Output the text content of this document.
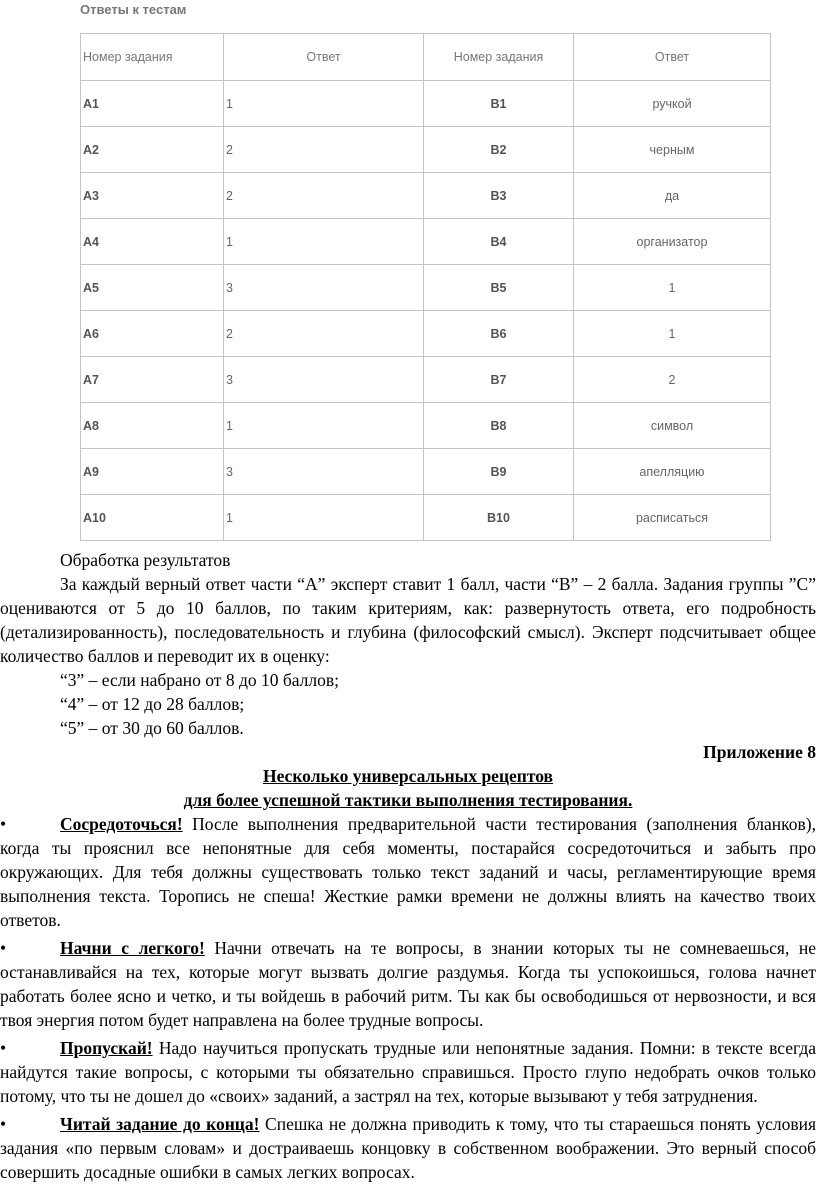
Ответы к тестам
Номер задания	Ответ	Номер задания	Ответ
A1	1	B1	ручкой
A2	2	B2	черным
A3	2	B3	да
A4	1	B4	организатор
A5	3	B5	1
A6	2	B6	1
A7	3	B7	2
A8	1	B8	символ
A9	3	B9	апелляцию
A10	1	B10	расписаться

Обработка результатов

За каждый верный ответ части “А” эксперт ставит 1 балл, части “В” – 2 балла. Задания группы ”С” оцениваются от 5 до 10 баллов, по таким критериям, как: развернутость ответа, его подробность (детализированность), последовательность и глубина (философский смысл). Эксперт подсчитывает общее количество баллов и переводит их в оценку:

“3” – если набрано от 8 до 10 баллов;

“4” – от 12 до 28 баллов;

“5” – от 30 до 60 баллов.

Приложение 8

Несколько универсальных рецептов

для более успешной тактики выполнения тестирования.

•	Сосредоточься! После выполнения предварительной части тестирования (заполнения бланков), когда ты прояснил все непонятные для себя моменты, постарайся сосредоточиться и забыть про окружающих. Для тебя должны существовать только текст заданий и часы, регламентирующие время выполнения текста. Торопись не спеша! Жесткие рамки времени не должны влиять на качество твоих ответов.

•	Начни с легкого! Начни отвечать на те вопросы, в знании которых ты не сомневаешься, не останавливайся на тех, которые могут вызвать долгие раздумья. Когда ты успокоишься, голова начнет работать более ясно и четко, и ты войдешь в рабочий ритм. Ты как бы освободишься от нервозности, и вся твоя энергия потом будет направлена на более трудные вопросы.

•	Пропускай! Надо научиться пропускать трудные или непонятные задания. Помни: в тексте всегда найдутся такие вопросы, с которыми ты обязательно справишься. Просто глупо недобрать очков только потому, что ты не дошел до «своих» заданий, а застрял на тех, которые вызывают у тебя затруднения.

•	Читай задание до конца! Спешка не должна приводить к тому, что ты стараешься понять условия задания «по первым словам» и достраиваешь концовку в собственном воображении. Это верный способ совершить досадные ошибки в самых легких вопросах.
